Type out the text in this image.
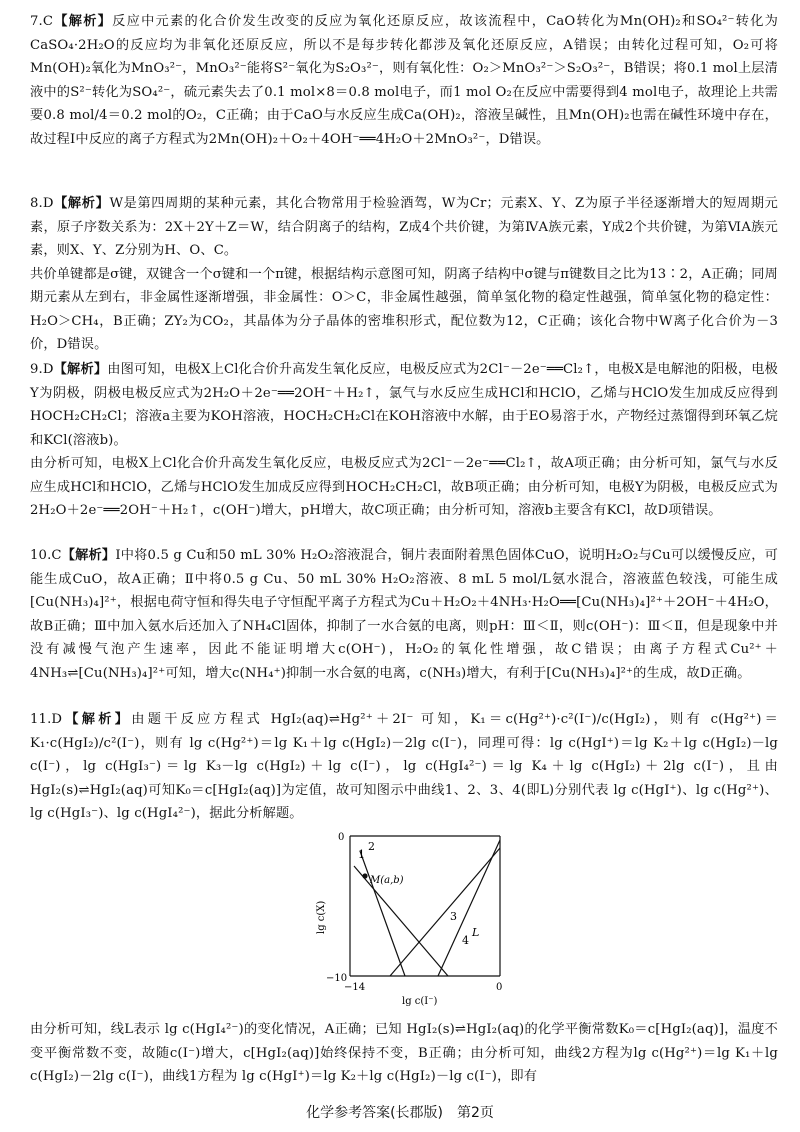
7.C【解析】反应中元素的化合价发生改变的反应为氧化还原反应，故该流程中，CaO转化为Mn(OH)₂和SO₄²⁻转化为CaSO₄·2H₂O的反应均为非氧化还原反应，所以不是每步转化都涉及氧化还原反应，A错误；由转化过程可知，O₂可将Mn(OH)₂氧化为MnO₃²⁻，MnO₃²⁻能将S²⁻氧化为S₂O₃²⁻，则有氧化性：O₂＞MnO₃²⁻＞S₂O₃²⁻，B错误；将0.1 mol上层清液中的S²⁻转化为SO₄²⁻，硫元素失去了0.1 mol×8＝0.8 mol电子，而1 mol O₂在反应中需要得到4 mol电子，故理论上共需要0.8 mol/4＝0.2 mol的O₂，C正确；由于CaO与水反应生成Ca(OH)₂，溶液呈碱性，且Mn(OH)₂也需在碱性环境中存在，故过程Ⅰ中反应的离子方程式为2Mn(OH)₂＋O₂＋4OH⁻══4H₂O＋2MnO₃²⁻，D错误。

8.D【解析】W是第四周期的某种元素，其化合物常用于检验酒驾，W为Cr；元素X、Y、Z为原子半径逐渐增大的短周期元素，原子序数关系为：2X＋2Y＋Z＝W，结合阴离子的结构，Z成4个共价键，为第ⅣA族元素，Y成2个共价键，为第ⅥA族元素，则X、Y、Z分别为H、O、C。

共价单键都是σ键，双键含一个σ键和一个π键，根据结构示意图可知，阴离子结构中σ键与π键数目之比为13∶2，A正确；同周期元素从左到右，非金属性逐渐增强，非金属性：O＞C，非金属性越强，简单氢化物的稳定性越强，简单氢化物的稳定性：H₂O＞CH₄，B正确；ZY₂为CO₂，其晶体为分子晶体的密堆积形式，配位数为12，C正确；该化合物中W离子化合价为－3价，D错误。

9.D【解析】由图可知，电极X上Cl化合价升高发生氧化反应，电极反应式为2Cl⁻－2e⁻══Cl₂↑，电极X是电解池的阳极，电极Y为阴极，阴极电极反应式为2H₂O＋2e⁻══2OH⁻＋H₂↑，氯气与水反应生成HCl和HClO，乙烯与HClO发生加成反应得到HOCH₂CH₂Cl；溶液a主要为KOH溶液，HOCH₂CH₂Cl在KOH溶液中水解，由于EO易溶于水，产物经过蒸馏得到环氧乙烷和KCl(溶液b)。

由分析可知，电极X上Cl化合价升高发生氧化反应，电极反应式为2Cl⁻－2e⁻══Cl₂↑，故A项正确；由分析可知，氯气与水反应生成HCl和HClO，乙烯与HClO发生加成反应得到HOCH₂CH₂Cl，故B项正确；由分析可知，电极Y为阴极，电极反应式为2H₂O＋2e⁻══2OH⁻＋H₂↑，c(OH⁻)增大，pH增大，故C项正确；由分析可知，溶液b主要含有KCl，故D项错误。

10.C【解析】Ⅰ中将0.5 g Cu和50 mL 30% H₂O₂溶液混合，铜片表面附着黑色固体CuO，说明H₂O₂与Cu可以缓慢反应，可能生成CuO，故A正确；Ⅱ中将0.5 g Cu、50 mL 30% H₂O₂溶液、8 mL 5 mol/L氨水混合，溶液蓝色较浅，可能生成[Cu(NH₃)₄]²⁺，根据电荷守恒和得失电子守恒配平离子方程式为Cu＋H₂O₂＋4NH₃·H₂O══[Cu(NH₃)₄]²⁺＋2OH⁻＋4H₂O，故B正确；Ⅲ中加入氨水后还加入了NH₄Cl固体，抑制了一水合氨的电离，则pH：Ⅲ＜Ⅱ，则c(OH⁻)：Ⅲ＜Ⅱ，但是现象中并没有减慢气泡产生速率，因此不能证明增大c(OH⁻)，H₂O₂的氧化性增强，故C错误；由离子方程式Cu²⁺＋4NH₃⇌[Cu(NH₃)₄]²⁺可知，增大c(NH₄⁺)抑制一水合氨的电离，c(NH₃)增大，有利于[Cu(NH₃)₄]²⁺的生成，故D正确。

11.D【解析】由题干反应方程式 HgI₂(aq)⇌Hg²⁺＋2I⁻ 可知，K₁＝c(Hg²⁺)·c²(I⁻)/c(HgI₂)，则有 c(Hg²⁺)＝K₁·c(HgI₂)/c²(I⁻)，则有 lg c(Hg²⁺)＝lg K₁＋lg c(HgI₂)－2lg c(I⁻)，同理可得：lg c(HgI⁺)＝lg K₂＋lg c(HgI₂)－lg c(I⁻)，lg c(HgI₃⁻)＝lg K₃－lg c(HgI₂)＋lg c(I⁻)，lg c(HgI₄²⁻)＝lg K₄＋lg c(HgI₂)＋2lg c(I⁻)，且由HgI₂(s)⇌HgI₂(aq)可知K₀＝c[HgI₂(aq)]为定值，故可知图示中曲线1、2、3、4(即L)分别代表 lg c(HgI⁺)、lg c(Hg²⁺)、lg c(HgI₃⁻)、lg c(HgI₄²⁻)，据此分析解题。

1
2
3
4
L
M(a,b)
0
−10
−14	0
lg c(I⁻)
lg c(X)

由分析可知，线L表示 lg c(HgI₄²⁻)的变化情况，A正确；已知 HgI₂(s)⇌HgI₂(aq)的化学平衡常数K₀＝c[HgI₂(aq)]，温度不变平衡常数不变，故随c(I⁻)增大，c[HgI₂(aq)]始终保持不变，B正确；由分析可知，曲线2方程为lg c(Hg²⁺)＝lg K₁＋lg c(HgI₂)－2lg c(I⁻)，曲线1方程为 lg c(HgI⁺)＝lg K₂＋lg c(HgI₂)－lg c(I⁻)，即有

化学参考答案(长郡版)　第2页
